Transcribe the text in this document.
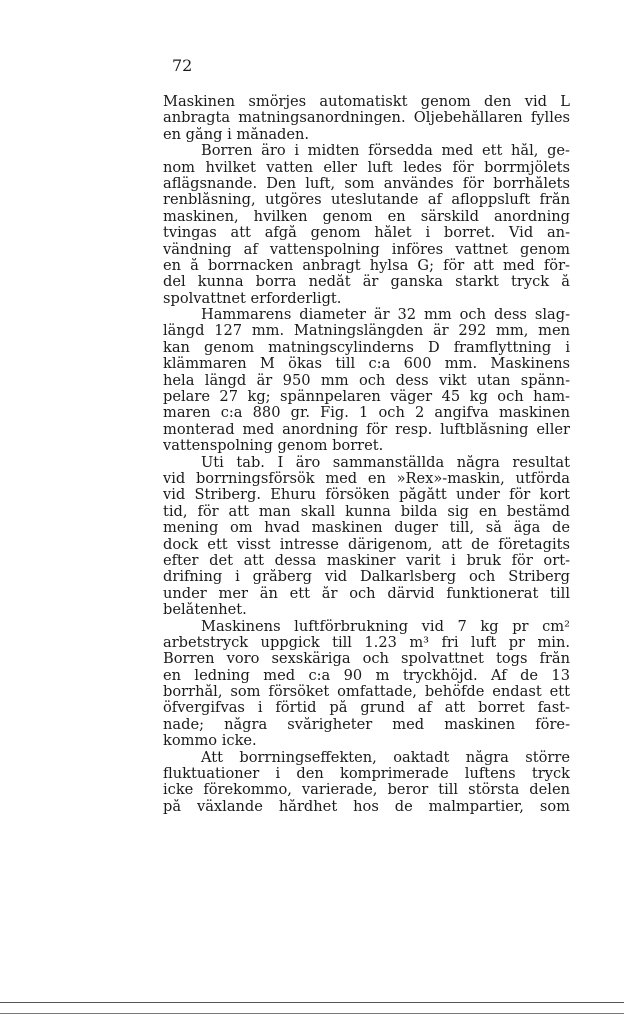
72

Maskinen smörjes automatiskt genom den vid L
anbragta matningsanordningen. Oljebehållaren fylles
en gång i månaden.

Borren äro i midten försedda med ett hål, ge-
nom hvilket vatten eller luft ledes för borrmjölets
aflägsnande. Den luft, som användes för borrhålets
renblåsning, utgöres uteslutande af afloppsluft från
maskinen, hvilken genom en särskild anordning
tvingas att afgå genom hålet i borret. Vid an-
vändning af vattenspolning införes vattnet genom
en å borrnacken anbragt hylsa G; för att med för-
del kunna borra nedåt är ganska starkt tryck å
spolvattnet erforderligt.

Hammarens diameter är 32 mm och dess slag-
längd 127 mm. Matningslängden är 292 mm, men
kan genom matningscylinderns D framflyttning i
klämmaren M ökas till c:a 600 mm. Maskinens
hela längd är 950 mm och dess vikt utan spänn-
pelare 27 kg; spännpelaren väger 45 kg och ham-
maren c:a 880 gr. Fig. 1 och 2 angifva maskinen
monterad med anordning för resp. luftblåsning eller
vattenspolning genom borret.

Uti tab. I äro sammanställda några resultat
vid borrningsförsök med en »Rex»-maskin, utförda
vid Striberg. Ehuru försöken pågått under för kort
tid, för att man skall kunna bilda sig en bestämd
mening om hvad maskinen duger till, så äga de
dock ett visst intresse därigenom, att de företagits
efter det att dessa maskiner varit i bruk för ort-
drifning i gråberg vid Dalkarlsberg och Striberg
under mer än ett år och därvid funktionerat till
belåtenhet.

Maskinens luftförbrukning vid 7 kg pr cm²
arbetstryck uppgick till 1.23 m³ fri luft pr min.
Borren voro sexskäriga och spolvattnet togs från
en ledning med c:a 90 m tryckhöjd. Af de 13
borrhål, som försöket omfattade, behöfde endast ett
öfvergifvas i förtid på grund af att borret fast-
nade; några svårigheter med maskinen före-
kommo icke.

Att borrningseffekten, oaktadt några större
fluktuationer i den komprimerade luftens tryck
icke förekommo, varierade, beror till största delen
på växlande hårdhet hos de malmpartier, som
